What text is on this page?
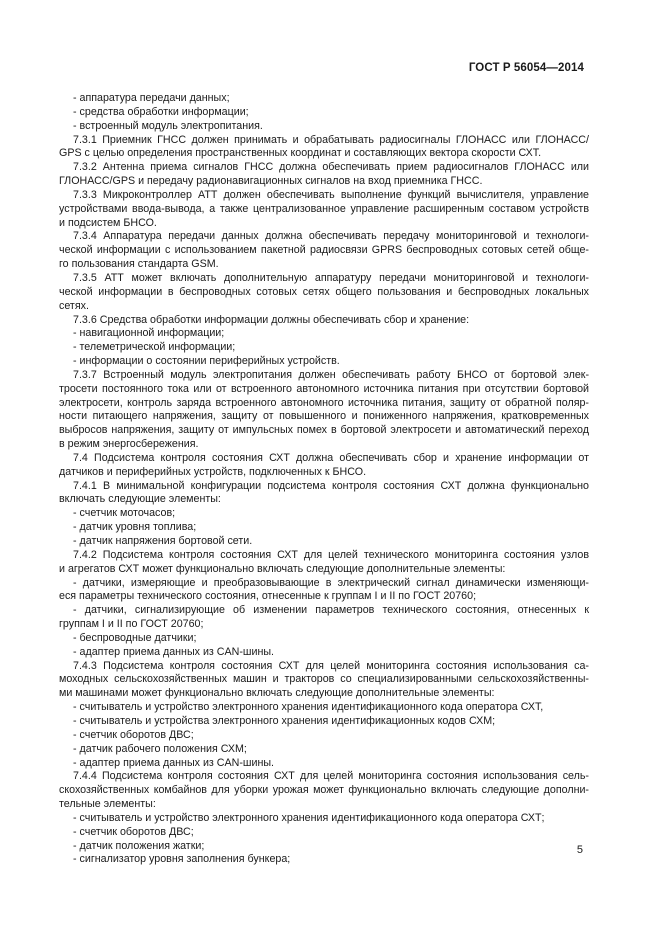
ГОСТ Р 56054—2014
- аппаратура передачи данных;
- средства обработки информации;
- встроенный модуль электропитания.
7.3.1 Приемник ГНСС должен принимать и обрабатывать радиосигналы ГЛОНАСС или ГЛОНАСС/
GPS с целью определения пространственных координат и составляющих вектора скорости СХТ.
7.3.2 Антенна приема сигналов ГНСС должна обеспечивать прием радиосигналов ГЛОНАСС или
ГЛОНАСС/GPS и передачу радионавигационных сигналов на вход приемника ГНСС.
7.3.3 Микроконтроллер АТТ должен обеспечивать выполнение функций вычислителя, управление
устройствами ввода-вывода, а также централизованное управление расширенным составом устройств
и подсистем БНСО.
7.3.4 Аппаратура передачи данных должна обеспечивать передачу мониторинговой и технологи-
ческой информации с использованием пакетной радиосвязи GPRS беспроводных сотовых сетей обще-
го пользования стандарта GSM.
7.3.5 АТТ может включать дополнительную аппаратуру передачи мониторинговой и технологи-
ческой информации в беспроводных сотовых сетях общего пользования и беспроводных локальных
сетях.
7.3.6 Средства обработки информации должны обеспечивать сбор и хранение:
- навигационной информации;
- телеметрической информации;
- информации о состоянии периферийных устройств.
7.3.7 Встроенный модуль электропитания должен обеспечивать работу БНСО от бортовой элек-
тросети постоянного тока или от встроенного автономного источника питания при отсутствии бортовой
электросети, контроль заряда встроенного автономного источника питания, защиту от обратной поляр-
ности питающего напряжения, защиту от повышенного и пониженного напряжения, кратковременных
выбросов напряжения, защиту от импульсных помех в бортовой электросети и автоматический переход
в режим энергосбережения.
7.4 Подсистема контроля состояния СХТ должна обеспечивать сбор и хранение информации от
датчиков и периферийных устройств, подключенных к БНСО.
7.4.1 В минимальной конфигурации подсистема контроля состояния СХТ должна функционально
включать следующие элементы:
- счетчик моточасов;
- датчик уровня топлива;
- датчик напряжения бортовой сети.
7.4.2 Подсистема контроля состояния СХТ для целей технического мониторинга состояния узлов
и агрегатов СХТ может функционально включать следующие дополнительные элементы:
- датчики, измеряющие и преобразовывающие в электрический сигнал динамически изменяющи-
еся параметры технического состояния, отнесенные к группам I и II по ГОСТ 20760;
- датчики, сигнализирующие об изменении параметров технического состояния, отнесенных к
группам I и II по ГОСТ 20760;
- беспроводные датчики;
- адаптер приема данных из CAN-шины.
7.4.3 Подсистема контроля состояния СХТ для целей мониторинга состояния использования са-
моходных сельскохозяйственных машин и тракторов со специализированными сельскохозяйственны-
ми машинами может функционально включать следующие дополнительные элементы:
- считыватель и устройство электронного хранения идентификационного кода оператора СХТ,
- считыватель и устройства электронного хранения идентификационных кодов СХМ;
- счетчик оборотов ДВС;
- датчик рабочего положения СХМ;
- адаптер приема данных из CAN-шины.
7.4.4 Подсистема контроля состояния СХТ для целей мониторинга состояния использования сель-
скохозяйственных комбайнов для уборки урожая может функционально включать следующие дополни-
тельные элементы:
- считыватель и устройство электронного хранения идентификационного кода оператора СХТ;
- счетчик оборотов ДВС;
- датчик положения жатки;
- сигнализатор уровня заполнения бункера;
5
